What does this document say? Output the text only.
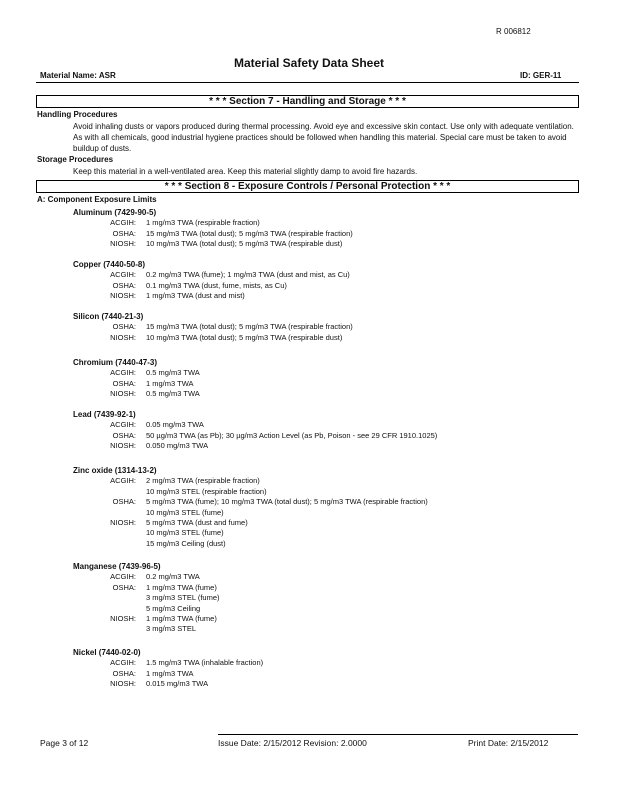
R 006812
Material Safety Data Sheet
Material Name: ASR	ID: GER-11
* * * Section 7 - Handling and Storage * * *
Handling Procedures
Avoid inhaling dusts or vapors produced during thermal processing. Avoid eye and excessive skin contact. Use only with adequate ventilation. As with all chemicals, good industrial hygiene practices should be followed when handling this material. Special care must be taken to avoid buildup of dusts.
Storage Procedures
Keep this material in a well-ventilated area. Keep this material slightly damp to avoid fire hazards.
* * * Section 8 - Exposure Controls / Personal Protection * * *
A: Component Exposure Limits
Aluminum (7429-90-5)
ACGIH: 1 mg/m3 TWA (respirable fraction)
OSHA: 15 mg/m3 TWA (total dust); 5 mg/m3 TWA (respirable fraction)
NIOSH: 10 mg/m3 TWA (total dust); 5 mg/m3 TWA (respirable dust)
Copper (7440-50-8)
ACGIH: 0.2 mg/m3 TWA (fume); 1 mg/m3 TWA (dust and mist, as Cu)
OSHA: 0.1 mg/m3 TWA (dust, fume, mists, as Cu)
NIOSH: 1 mg/m3 TWA (dust and mist)
Silicon (7440-21-3)
OSHA: 15 mg/m3 TWA (total dust); 5 mg/m3 TWA (respirable fraction)
NIOSH: 10 mg/m3 TWA (total dust); 5 mg/m3 TWA (respirable dust)
Chromium (7440-47-3)
ACGIH: 0.5 mg/m3 TWA
OSHA: 1 mg/m3 TWA
NIOSH: 0.5 mg/m3 TWA
Lead (7439-92-1)
ACGIH: 0.05 mg/m3 TWA
OSHA: 50 µg/m3 TWA (as Pb); 30 µg/m3 Action Level (as Pb, Poison - see 29 CFR 1910.1025)
NIOSH: 0.050 mg/m3 TWA
Zinc oxide (1314-13-2)
ACGIH: 2 mg/m3 TWA (respirable fraction)
10 mg/m3 STEL (respirable fraction)
OSHA: 5 mg/m3 TWA (fume); 10 mg/m3 TWA (total dust); 5 mg/m3 TWA (respirable fraction)
10 mg/m3 STEL (fume)
NIOSH: 5 mg/m3 TWA (dust and fume)
10 mg/m3 STEL (fume)
15 mg/m3 Ceiling (dust)
Manganese (7439-96-5)
ACGIH: 0.2 mg/m3 TWA
OSHA: 1 mg/m3 TWA (fume)
3 mg/m3 STEL (fume)
5 mg/m3 Ceiling
NIOSH: 1 mg/m3 TWA (fume)
3 mg/m3 STEL
Nickel (7440-02-0)
ACGIH: 1.5 mg/m3 TWA (inhalable fraction)
OSHA: 1 mg/m3 TWA
NIOSH: 0.015 mg/m3 TWA
Page 3 of 12	Issue Date: 2/15/2012 Revision: 2.0000	Print Date: 2/15/2012
